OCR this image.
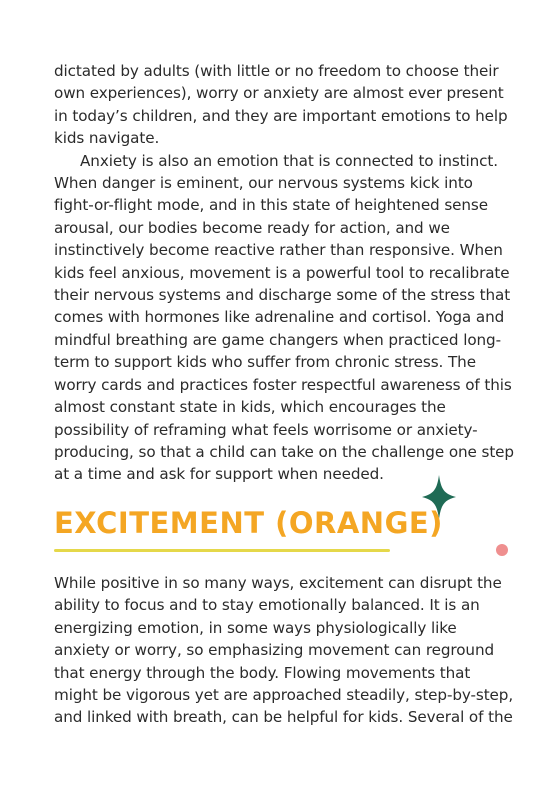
dictated by adults (with little or no freedom to choose their own experiences), worry or anxiety are almost ever present in today’s children, and they are important emotions to help kids navigate.

Anxiety is also an emotion that is connected to instinct. When danger is eminent, our nervous systems kick into fight-or-flight mode, and in this state of heightened sense arousal, our bodies become ready for action, and we instinctively become reactive rather than responsive. When kids feel anxious, movement is a powerful tool to recalibrate their nervous systems and discharge some of the stress that comes with hormones like adrenaline and cortisol. Yoga and mindful breathing are game changers when practiced long-term to support kids who suffer from chronic stress. The worry cards and practices foster respectful awareness of this almost constant state in kids, which encourages the possibility of reframing what feels worrisome or anxiety-producing, so that a child can take on the challenge one step at a time and ask for support when needed.

EXCITEMENT (ORANGE)

While positive in so many ways, excitement can disrupt the ability to focus and to stay emotionally balanced. It is an energizing emotion, in some ways physiologically like anxiety or worry, so emphasizing movement can reground that energy through the body. Flowing movements that might be vigorous yet are approached steadily, step-by-step, and linked with breath, can be helpful for kids. Several of the
